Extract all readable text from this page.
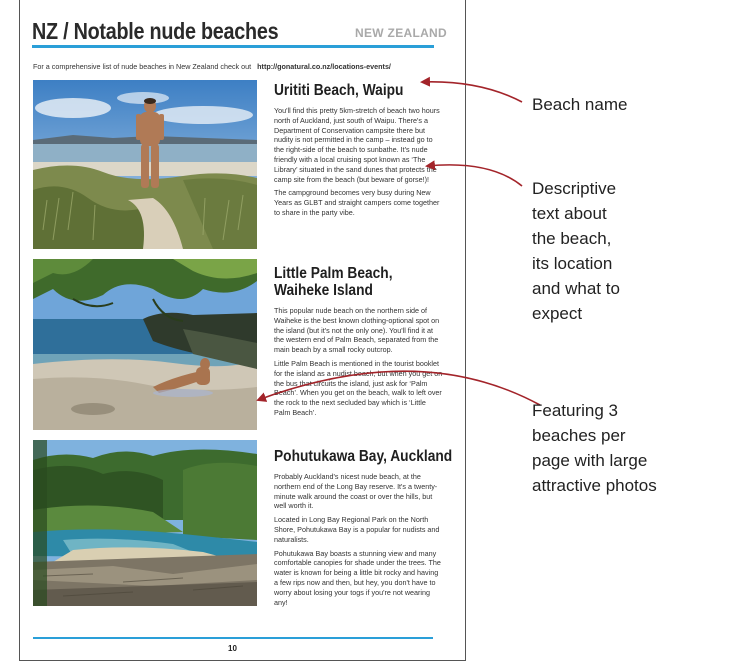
NZ / Notable nude beaches	NEW ZEALAND
For a comprehensive list of nude beaches in New Zealand check out http://gonatural.co.nz/locations-events/
Urititi Beach, Waipu

You'll find this pretty 5km-stretch of beach two hours north of Auckland, just south of Waipu. There's a Department of Conservation campsite there but nudity is not permitted in the camp – instead go to the right-side of the beach to sunbathe. It's nude friendly with a local cruising spot known as ‘The Library’ situated in the sand dunes that protects the camp site from the beach (but beware of gorse!)!

The campground becomes very busy during New Years as GLBT and straight campers come together to share in the party vibe.

Little Palm Beach,
Waiheke Island

This popular nude beach on the northern side of Waiheke is the best known clothing-optional spot on the island (but it's not the only one). You'll find it at the western end of Palm Beach, separated from the main beach by a small rocky outcrop.

Little Palm Beach is mentioned in the tourist booklet for the island as a nudist beach, but when you get on the bus that circuits the island, just ask for ‘Palm Beach’. When you get on the beach, walk to left over the rock to the next secluded bay which is ‘Little Palm Beach’.

Pohutukawa Bay, Auckland

Probably Auckland's nicest nude beach, at the northern end of the Long Bay reserve. It's a twenty-minute walk around the coast or over the hills, but well worth it.

Located in Long Bay Regional Park on the North Shore, Pohutukawa Bay is a popular for nudists and naturalists.

Pohutukawa Bay boasts a stunning view and many comfortable canopies for shade under the trees. The water is known for being a little bit rocky and having a few rips now and then, but hey, you don't have to worry about losing your togs if you're not wearing any!

10
Beach name
Descriptive
text about
the beach,
its location
and what to
expect
Featuring 3
beaches per
page with large
attractive photos
